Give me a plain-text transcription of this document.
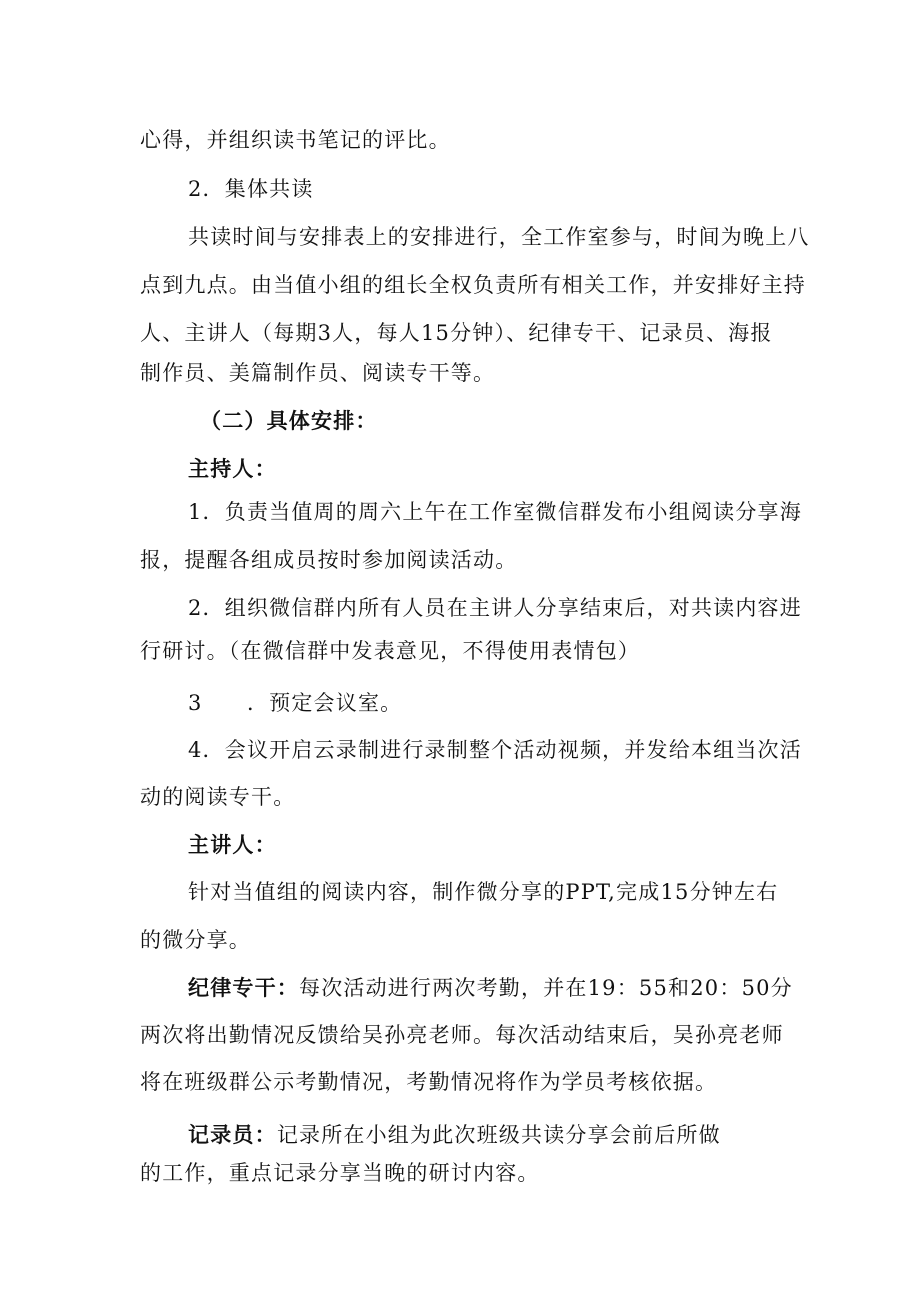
心得，并组织读书笔记的评比。
2．集体共读
共读时间与安排表上的安排进行，全工作室参与，时间为晚上八
点到九点。由当值小组的组长全权负责所有相关工作，并安排好主持
人、主讲人（每期3人，每人15分钟）、纪律专干、记录员、海报
制作员、美篇制作员、阅读专干等。
（二）具体安排：
主持人：
1．负责当值周的周六上午在工作室微信群发布小组阅读分享海
报，提醒各组成员按时参加阅读活动。
2．组织微信群内所有人员在主讲人分享结束后，对共读内容进
行研讨。（在微信群中发表意见，不得使用表情包）
3　　．预定会议室。
4．会议开启云录制进行录制整个活动视频，并发给本组当次活
动的阅读专干。
主讲人：
针对当值组的阅读内容，制作微分享的PPT,完成15分钟左右
的微分享。
纪律专干：每次活动进行两次考勤，并在19：55和20：50分
两次将出勤情况反馈给吴孙亮老师。每次活动结束后，吴孙亮老师
将在班级群公示考勤情况，考勤情况将作为学员考核依据。
记录员：记录所在小组为此次班级共读分享会前后所做
的工作，重点记录分享当晚的研讨内容。
